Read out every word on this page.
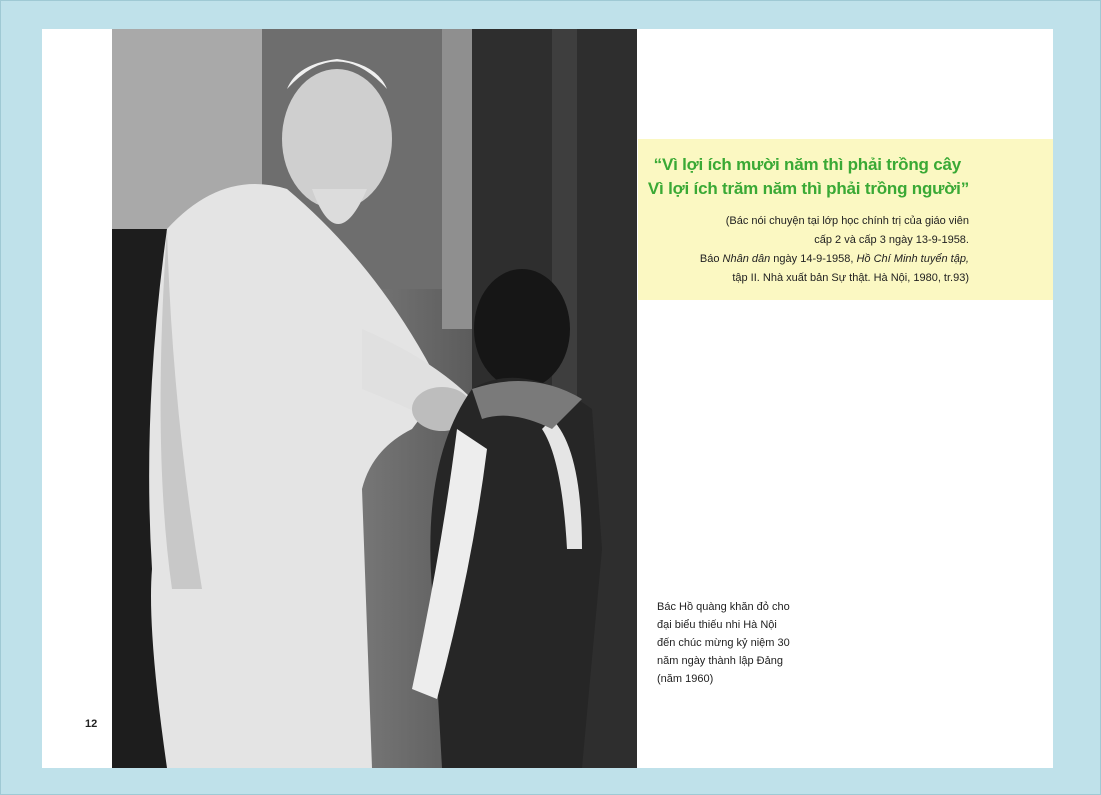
“Vì lợi ích mười năm thì phải trồng cây
Vì lợi ích trăm năm thì phải trồng người”
(Bác nói chuyện tại lớp học chính trị của giáo viên
cấp 2 và cấp 3 ngày 13-9-1958.
Báo Nhân dân ngày 14-9-1958, Hồ Chí Minh tuyển tập,
tập II. Nhà xuất bản Sự thật. Hà Nội, 1980, tr.93)
Bác Hồ quàng khăn đỏ cho
đại biểu thiếu nhi Hà Nội
đến chúc mừng kỷ niệm 30
năm ngày thành lập Đảng
(năm 1960)
12
